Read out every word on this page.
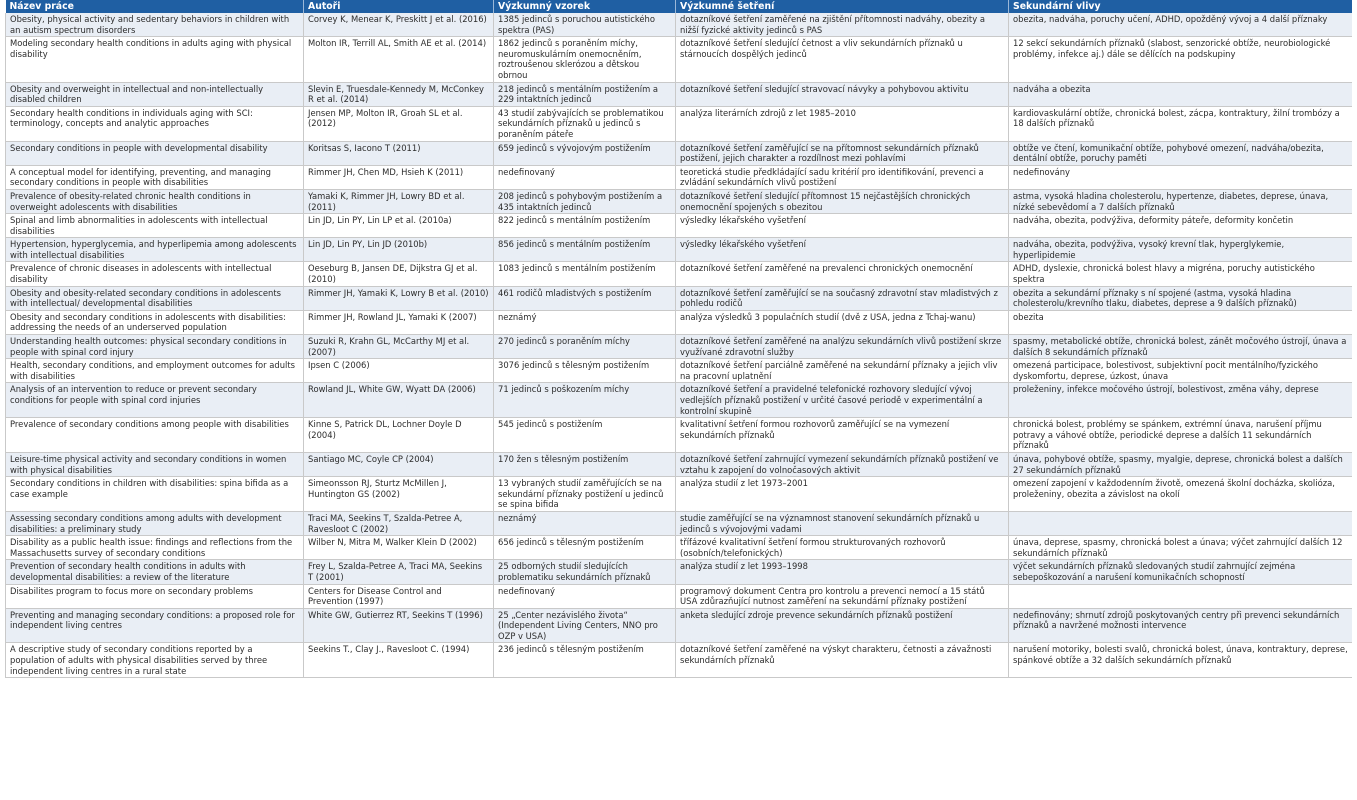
Název práce	Autoři	Výzkumný vzorek	Výzkumné šetření	Sekundární vlivy
Obesity, physical activity and sedentary behaviors in children with an autism spectrum disorders	Corvey K, Menear K, Preskitt J et al. (2016)	1385 jedinců s poruchou autistického spektra (PAS)	dotazníkové šetření zaměřené na zjištění přítomnosti nadváhy, obezity a nižší fyzické aktivity jedinců s PAS	obezita, nadváha, poruchy učení, ADHD, opožděný vývoj a 4 další příznaky
Modeling secondary health conditions in adults aging with physical disability	Molton IR, Terrill AL, Smith AE et al. (2014)	1862 jedinců s poraněním míchy, neuromuskulárním onemocněním, roztroušenou sklerózou a dětskou obrnou	dotazníkové šetření sledující četnost a vliv sekundárních příznaků u stárnoucích dospělých jedinců	12 sekcí sekundárních příznaků (slabost, senzorické obtíže, neurobiologické problémy, infekce aj.) dále se dělících na podskupiny
Obesity and overweight in intellectual and non-intellectually disabled children	Slevin E, Truesdale-Kennedy M, McConkey R et al. (2014)	218 jedinců s mentálním postižením a 229 intaktních jedinců	dotazníkové šetření sledující stravovací návyky a pohybovou aktivitu	nadváha a obezita
Secondary health conditions in individuals aging with SCI: terminology, concepts and analytic approaches	Jensen MP, Molton IR, Groah SL et al. (2012)	43 studií zabývajících se problematikou sekundárních příznaků u jedinců s poraněním páteře	analýza literárních zdrojů z let 1985–2010	kardiovaskulární obtíže, chronická bolest, zácpa, kontraktury, žilní trombózy a 18 dalších příznaků
Secondary conditions in people with developmental disability	Koritsas S, Iacono T (2011)	659 jedinců s vývojovým postižením	dotazníkové šetření zaměřující se na přítomnost sekundárních příznaků postižení, jejich charakter a rozdílnost mezi pohlavími	obtíže ve čtení, komunikační obtíže, pohybové omezení, nadváha/obezita, dentální obtíže, poruchy paměti
A conceptual model for identifying, preventing, and managing secondary conditions in people with disabilities	Rimmer JH, Chen MD, Hsieh K (2011)	nedefinovaný	teoretická studie předkládající sadu kritérií pro identifikování, prevenci a zvládání sekundárních vlivů postižení	nedefinovány
Prevalence of obesity-related chronic health conditions in overweight adolescents with disabilities	Yamaki K, Rimmer JH, Lowry BD et al. (2011)	208 jedinců s pohybovým postižením a 435 intaktních jedinců	dotazníkové šetření sledující přítomnost 15 nejčastějších chronických onemocnění spojených s obezitou	astma, vysoká hladina cholesterolu, hypertenze, diabetes, deprese, únava, nízké sebevědomí a 7 dalších příznaků
Spinal and limb abnormalities in adolescents with intellectual disabilities	Lin JD, Lin PY, Lin LP et al. (2010a)	822 jedinců s mentálním postižením	výsledky lékařského vyšetření	nadváha, obezita, podvýživa, deformity páteře, deformity končetin
Hypertension, hyperglycemia, and hyperlipemia among adolescents with intellectual disabilities	Lin JD, Lin PY, Lin JD (2010b)	856 jedinců s mentálním postižením	výsledky lékařského vyšetření	nadváha, obezita, podvýživa, vysoký krevní tlak, hyperglykemie, hyperlipidemie
Prevalence of chronic diseases in adolescents with intellectual disability	Oeseburg B, Jansen DE, Dijkstra GJ et al. (2010)	1083 jedinců s mentálním postižením	dotazníkové šetření zaměřené na prevalenci chronických onemocnění	ADHD, dyslexie, chronická bolest hlavy a migréna, poruchy autistického spektra
Obesity and obesity-related secondary conditions in adolescents with intellectual/ developmental disabilities	Rimmer JH, Yamaki K, Lowry B et al. (2010)	461 rodičů mladistvých s postižením	dotazníkové šetření zaměřující se na současný zdravotní stav mladistvých z pohledu rodičů	obezita a sekundární příznaky s ní spojené (astma, vysoká hladina cholesterolu/krevního tlaku, diabetes, deprese a 9 dalších příznaků)
Obesity and secondary conditions in adolescents with disabilities: addressing the needs of an underserved population	Rimmer JH, Rowland JL, Yamaki K (2007)	neznámý	analýza výsledků 3 populačních studií (dvě z USA, jedna z Tchaj-wanu)	obezita
Understanding health outcomes: physical secondary conditions in people with spinal cord injury	Suzuki R, Krahn GL, McCarthy MJ et al. (2007)	270 jedinců s poraněním míchy	dotazníkové šetření zaměřené na analýzu sekundárních vlivů postižení skrze využívané zdravotní služby	spasmy, metabolické obtíže, chronická bolest, zánět močového ústrojí, únava a dalších 8 sekundárních příznaků
Health, secondary conditions, and employment outcomes for adults with disabilities	Ipsen C (2006)	3076 jedinců s tělesným postižením	dotazníkové šetření parciálně zaměřené na sekundární příznaky a jejich vliv na pracovní uplatnění	omezená participace, bolestivost, subjektivní pocit mentálního/fyzického dyskomfortu, deprese, úzkost, únava
Analysis of an intervention to reduce or prevent secondary conditions for people with spinal cord injuries	Rowland JL, White GW, Wyatt DA (2006)	71 jedinců s poškozením míchy	dotazníkové šetření a pravidelné telefonické rozhovory sledující vývoj vedlejších příznaků postižení v určité časové periodě v experimentální a kontrolní skupině	proleženiny, infekce močového ústrojí, bolestivost, změna váhy, deprese
Prevalence of secondary conditions among people with disabilities	Kinne S, Patrick DL, Lochner Doyle D (2004)	545 jedinců s postižením	kvalitativní šetření formou rozhovorů zaměřující se na vymezení sekundárních příznaků	chronická bolest, problémy se spánkem, extrémní únava, narušení příjmu potravy a váhové obtíže, periodické deprese a dalších 11 sekundárních příznaků
Leisure-time physical activity and secondary conditions in women with physical disabilities	Santiago MC, Coyle CP (2004)	170 žen s tělesným postižením	dotazníkové šetření zahrnující vymezení sekundárních příznaků postižení ve vztahu k zapojení do volnočasových aktivit	únava, pohybové obtíže, spasmy, myalgie, deprese, chronická bolest a dalších 27 sekundárních příznaků
Secondary conditions in children with disabilities: spina bifida as a case example	Simeonsson RJ, Sturtz McMillen J, Huntington GS (2002)	13 vybraných studií zaměřujících se na sekundární příznaky postižení u jedinců se spina bifida	analýza studií z let 1973–2001	omezení zapojení v každodenním životě, omezená školní docházka, skolióza, proleženiny, obezita a závislost na okolí
Assessing secondary conditions among adults with development disabilities: a preliminary study	Traci MA, Seekins T, Szalda-Petree A, Ravesloot C (2002)	neznámý	studie zaměřující se na významnost stanovení sekundárních příznaků u jedinců s vývojovými vadami	
Disability as a public health issue: findings and reflections from the Massachusetts survey of secondary conditions	Wilber N, Mitra M, Walker Klein D (2002)	656 jedinců s tělesným postižením	třífázové kvalitativní šetření formou strukturovaných rozhovorů (osobních/telefonických)	únava, deprese, spasmy, chronická bolest a únava; výčet zahrnující dalších 12 sekundárních příznaků
Prevention of secondary health conditions in adults with developmental disabilities: a review of the literature	Frey L, Szalda-Petree A, Traci MA, Seekins T (2001)	25 odborných studií sledujících problematiku sekundárních příznaků	analýza studií z let 1993–1998	výčet sekundárních příznaků sledovaných studií zahrnující zejména sebepoškozování a narušení komunikačních schopností
Disabilites program to focus more on secondary problems	Centers for Disease Control and Prevention (1997)	nedefinovaný	programový dokument Centra pro kontrolu a prevenci nemocí a 15 států USA zdůrazňující nutnost zaměření na sekundární příznaky postižení	
Preventing and managing secondary conditions: a proposed role for independent living centres	White GW, Gutierrez RT, Seekins T (1996)	25 „Center nezávislého života“ (Independent Living Centers, NNO pro OZP v USA)	anketa sledující zdroje prevence sekundárních příznaků postižení	nedefinovány; shrnutí zdrojů poskytovaných centry při prevenci sekundárních příznaků a navržené možnosti intervence
A descriptive study of secondary conditions reported by a population of adults with physical disabilities served by three independent living centres in a rural state	Seekins T., Clay J., Ravesloot C. (1994)	236 jedinců s tělesným postižením	dotazníkové šetření zaměřené na výskyt charakteru, četnosti a závažnosti sekundárních příznaků	narušení motoriky, bolesti svalů, chronická bolest, únava, kontraktury, deprese, spánkové obtíže a 32 dalších sekundárních příznaků
